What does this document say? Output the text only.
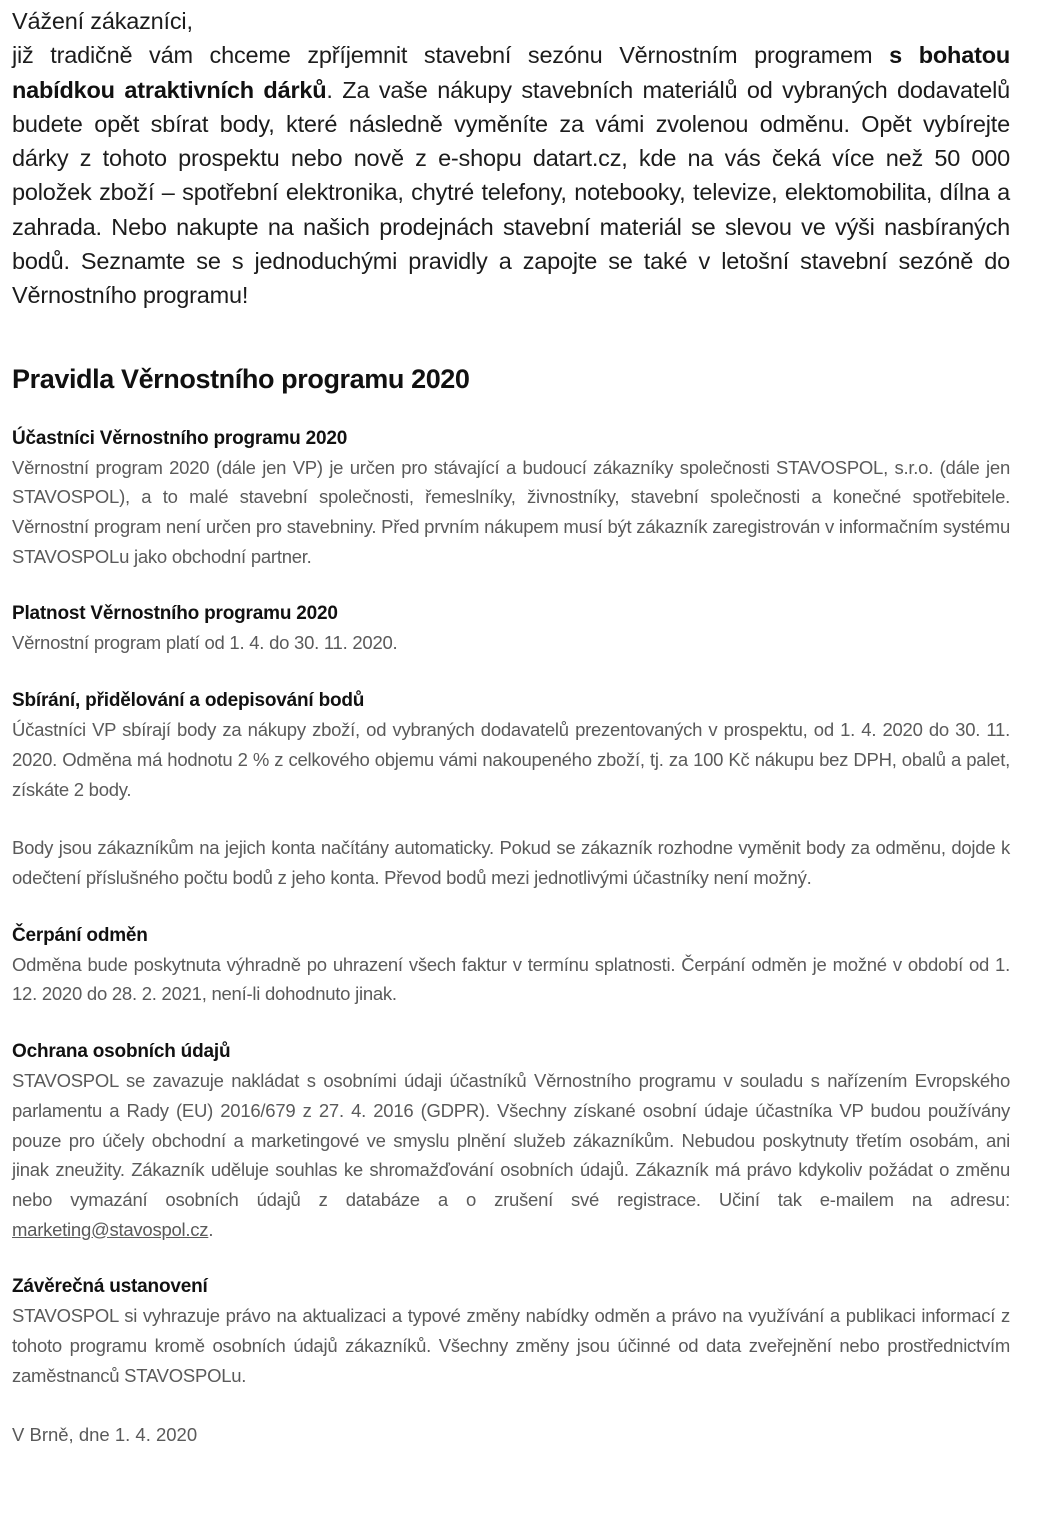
Vážení zákazníci,

již tradičně vám chceme zpříjemnit stavební sezónu Věrnostním programem s bohatou nabídkou atraktivních dárků. Za vaše nákupy stavebních materiálů od vybraných dodavatelů budete opět sbírat body, které následně vyměníte za vámi zvolenou odměnu. Opět vybírejte dárky z tohoto prospektu nebo nově z e-shopu datart.cz, kde na vás čeká více než 50 000 položek zboží – spotřební elektronika, chytré telefony, notebooky, televize, elektomobilita, dílna a zahrada. Nebo nakupte na našich prodejnách stavební materiál se slevou ve výši nasbíraných bodů. Seznamte se s jednoduchými pravidly a zapojte se také v letošní stavební sezóně do Věrnostního programu!

Pravidla Věrnostního programu 2020
Účastníci Věrnostního programu 2020

Věrnostní program 2020 (dále jen VP) je určen pro stávající a budoucí zákazníky společnosti STAVOSPOL, s.r.o. (dále jen STAVOSPOL), a to malé stavební společnosti, řemeslníky, živnostníky, stavební společnosti a konečné spotřebitele. Věrnostní program není určen pro stavebniny. Před prvním nákupem musí být zákazník zaregistrován v informačním systému STAVOSPOLu jako obchodní partner.

Platnost Věrnostního programu 2020

Věrnostní program platí od 1. 4. do 30. 11. 2020.

Sbírání, přidělování a odepisování bodů

Účastníci VP sbírají body za nákupy zboží, od vybraných dodavatelů prezentovaných v prospektu, od 1. 4. 2020 do 30. 11. 2020. Odměna má hodnotu 2 % z celkového objemu vámi nakoupeného zboží, tj. za 100 Kč nákupu bez DPH, obalů a palet, získáte 2 body.

Body jsou zákazníkům na jejich konta načítány automaticky. Pokud se zákazník rozhodne vyměnit body za odměnu, dojde k odečtení příslušného počtu bodů z jeho konta. Převod bodů mezi jednotlivými účastníky není možný.

Čerpání odměn

Odměna bude poskytnuta výhradně po uhrazení všech faktur v termínu splatnosti. Čerpání odměn je možné v období od 1. 12. 2020 do 28. 2. 2021, není-li dohodnuto jinak.

Ochrana osobních údajů

STAVOSPOL se zavazuje nakládat s osobními údaji účastníků Věrnostního programu v souladu s nařízením Evropského parlamentu a Rady (EU) 2016/679 z 27. 4. 2016 (GDPR). Všechny získané osobní údaje účastníka VP budou používány pouze pro účely obchodní a marketingové ve smyslu plnění služeb zákazníkům. Nebudou poskytnuty třetím osobám, ani jinak zneužity. Zákazník uděluje souhlas ke shromažďování osobních údajů. Zákazník má právo kdykoliv požádat o změnu nebo vymazání osobních údajů z databáze a o zrušení své registrace. Učiní tak e-mailem na adresu: marketing@stavospol.cz.

Závěrečná ustanovení

STAVOSPOL si vyhrazuje právo na aktualizaci a typové změny nabídky odměn a právo na využívání a publikaci informací z tohoto programu kromě osobních údajů zákazníků. Všechny změny jsou účinné od data zveřejnění nebo prostřednictvím zaměstnanců STAVOSPOLu.

V Brně, dne 1. 4. 2020
